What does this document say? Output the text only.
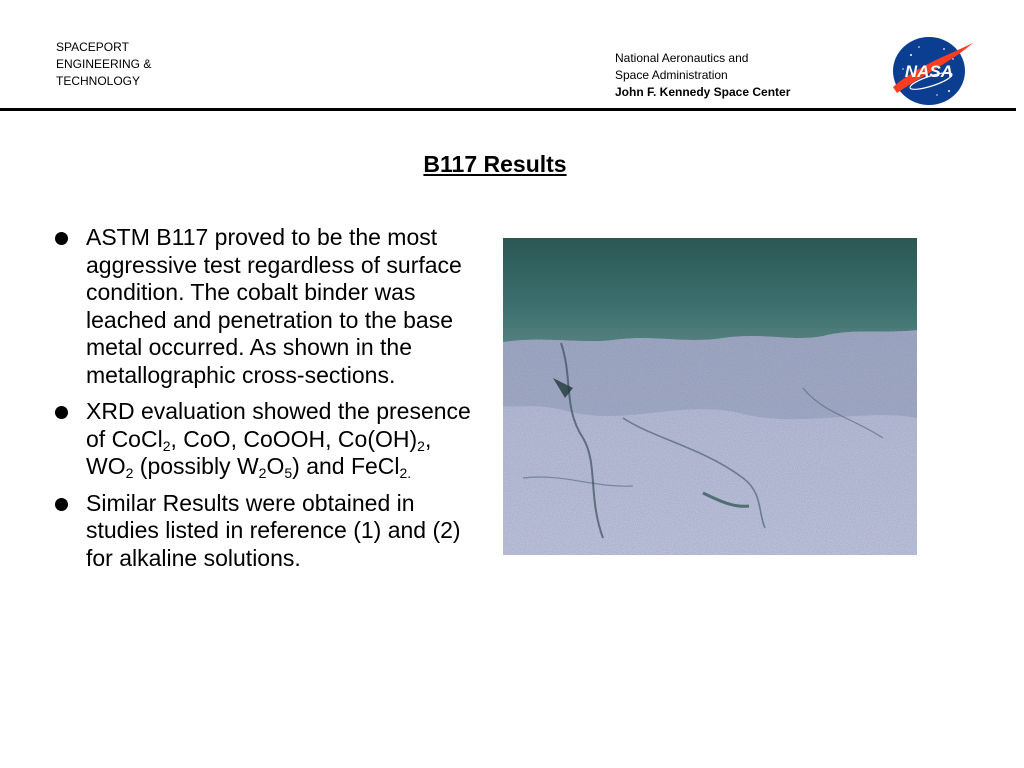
SPACEPORT
ENGINEERING &
TECHNOLOGY
National Aeronautics and
Space Administration
John F. Kennedy Space Center
NASA
B117 Results
ASTM B117 proved to be the most aggressive test regardless of surface condition. The cobalt binder was leached and penetration to the base metal occurred. As shown in the metallographic cross-sections.
XRD evaluation showed the presence of CoCl$_2$, CoO, CoOOH, $Co(OH)_2$, $WO_2$ (possibly $W_2O_5$) and FeCl$_{2.}$
Similar Results were obtained in studies listed in reference (1) and (2) for alkaline solutions.
